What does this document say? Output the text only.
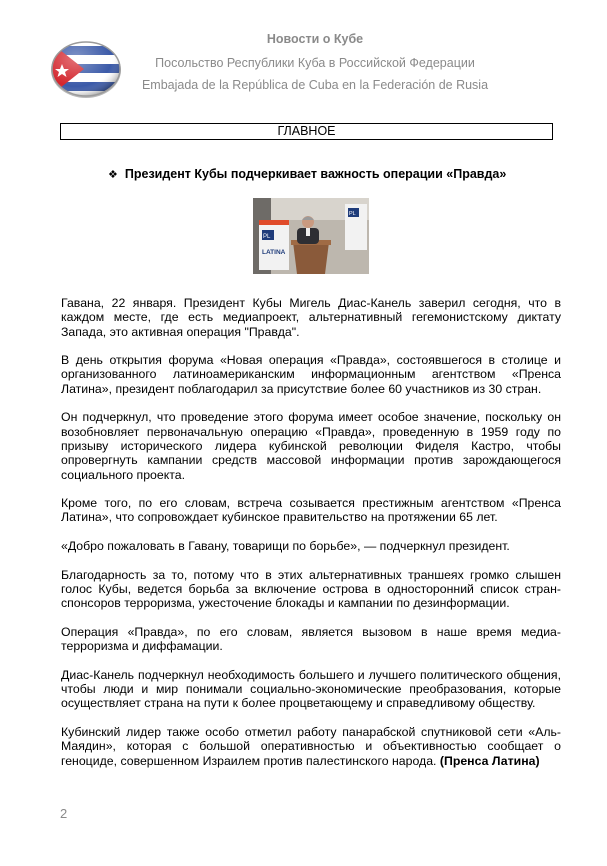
Новости о Кубе
Посольство Республики Куба в Российской Федерации
Embajada de la República de Cuba en la Federación de Rusia
ГЛАВНОЕ
❖ Президент Кубы подчеркивает важность операции «Правда»
PL
LATINA
PL

Гавана, 22 января. Президент Кубы Мигель Диас-Канель заверил сегодня, что в каждом месте, где есть медиапроект, альтернативный гегемонистскому диктату Запада, это активная операция "Правда".

В день открытия форума «Новая операция «Правда», состоявшегося в столице и организованного латиноамериканским информационным агентством «Пренса Латина», президент поблагодарил за присутствие более 60 участников из 30 стран.

Он подчеркнул, что проведение этого форума имеет особое значение, поскольку он возобновляет первоначальную операцию «Правда», проведенную в 1959 году по призыву исторического лидера кубинской революции Фиделя Кастро, чтобы опровергнуть кампании средств массовой информации против зарождающегося социального проекта.

Кроме того, по его словам, встреча созывается престижным агентством «Пренса Латина», что сопровождает кубинское правительство на протяжении 65 лет.

«Добро пожаловать в Гавану, товарищи по борьбе», — подчеркнул президент.

Благодарность за то, потому что в этих альтернативных траншеях громко слышен голос Кубы, ведется борьба за включение острова в односторонний список стран-спонсоров терроризма, ужесточение блокады и кампании по дезинформации.

Операция «Правда», по его словам, является вызовом в наше время медиа-терроризма и диффамации.

Диас-Канель подчеркнул необходимость большего и лучшего политического общения, чтобы люди и мир понимали социально-экономические преобразования, которые осуществляет страна на пути к более процветающему и справедливому обществу.

Кубинский лидер также особо отметил работу панарабской спутниковой сети «Аль-Маядин», которая с большой оперативностью и объективностью сообщает о геноциде, совершенном Израилем против палестинского народа. (Пренса Латина)

2
